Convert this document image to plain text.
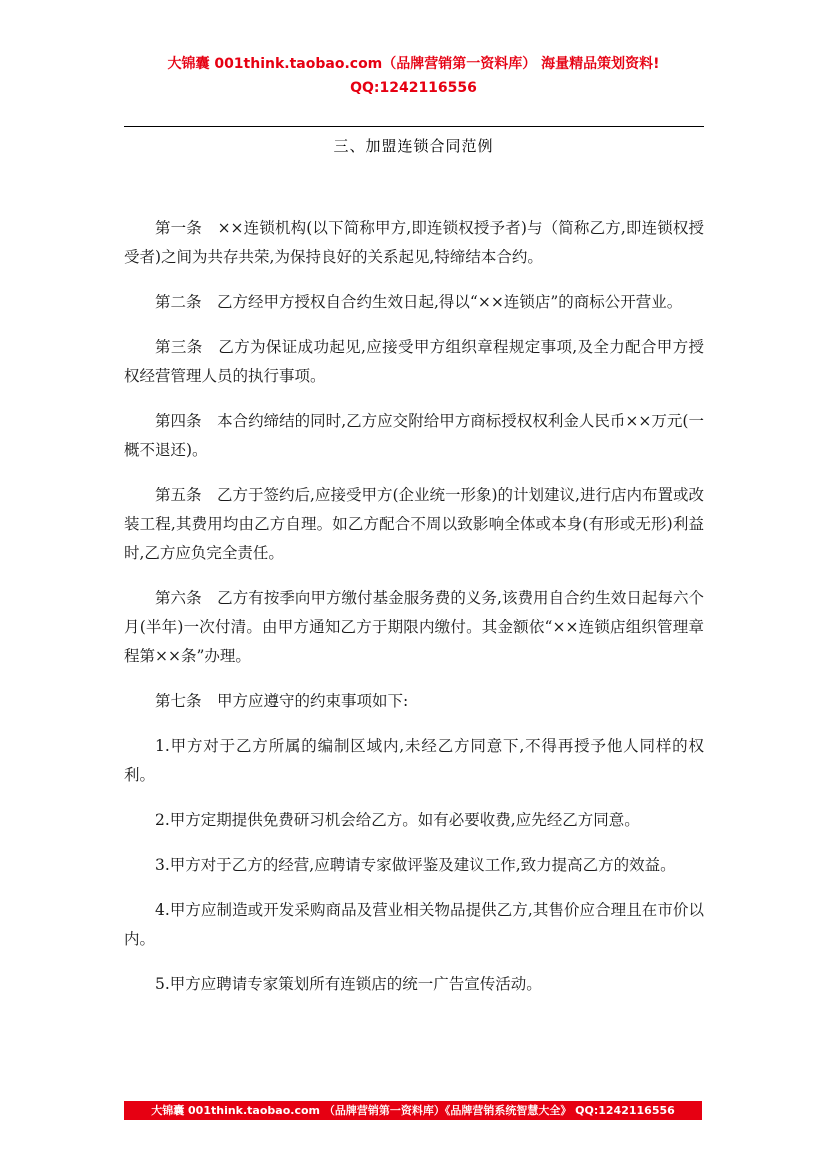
大锦囊 001think.taobao.com（品牌营销第一资料库） 海量精品策划资料!
QQ:1242116556
三、加盟连锁合同范例

第一条　××连锁机构(以下简称甲方,即连锁权授予者)与（简称乙方,即连锁权授受者)之间为共存共荣,为保持良好的关系起见,特缔结本合约。

第二条　乙方经甲方授权自合约生效日起,得以“××连锁店”的商标公开营业。

第三条　乙方为保证成功起见,应接受甲方组织章程规定事项,及全力配合甲方授权经营管理人员的执行事项。

第四条　本合约缔结的同时,乙方应交附给甲方商标授权权利金人民币××万元(一概不退还)。

第五条　乙方于签约后,应接受甲方(企业统一形象)的计划建议,进行店内布置或改装工程,其费用均由乙方自理。如乙方配合不周以致影响全体或本身(有形或无形)利益时,乙方应负完全责任。

第六条　乙方有按季向甲方缴付基金服务费的义务,该费用自合约生效日起每六个月(半年)一次付清。由甲方通知乙方于期限内缴付。其金额依“××连锁店组织管理章程第××条”办理。

第七条　甲方应遵守的约束事项如下:

1.甲方对于乙方所属的编制区域内,未经乙方同意下,不得再授予他人同样的权利。

2.甲方定期提供免费研习机会给乙方。如有必要收费,应先经乙方同意。

3.甲方对于乙方的经营,应聘请专家做评鉴及建议工作,致力提高乙方的效益。

4.甲方应制造或开发采购商品及营业相关物品提供乙方,其售价应合理且在市价以内。

5.甲方应聘请专家策划所有连锁店的统一广告宣传活动。

大锦囊 001think.taobao.com （品牌营销第一资料库）《品牌营销系统智慧大全》 QQ:1242116556
